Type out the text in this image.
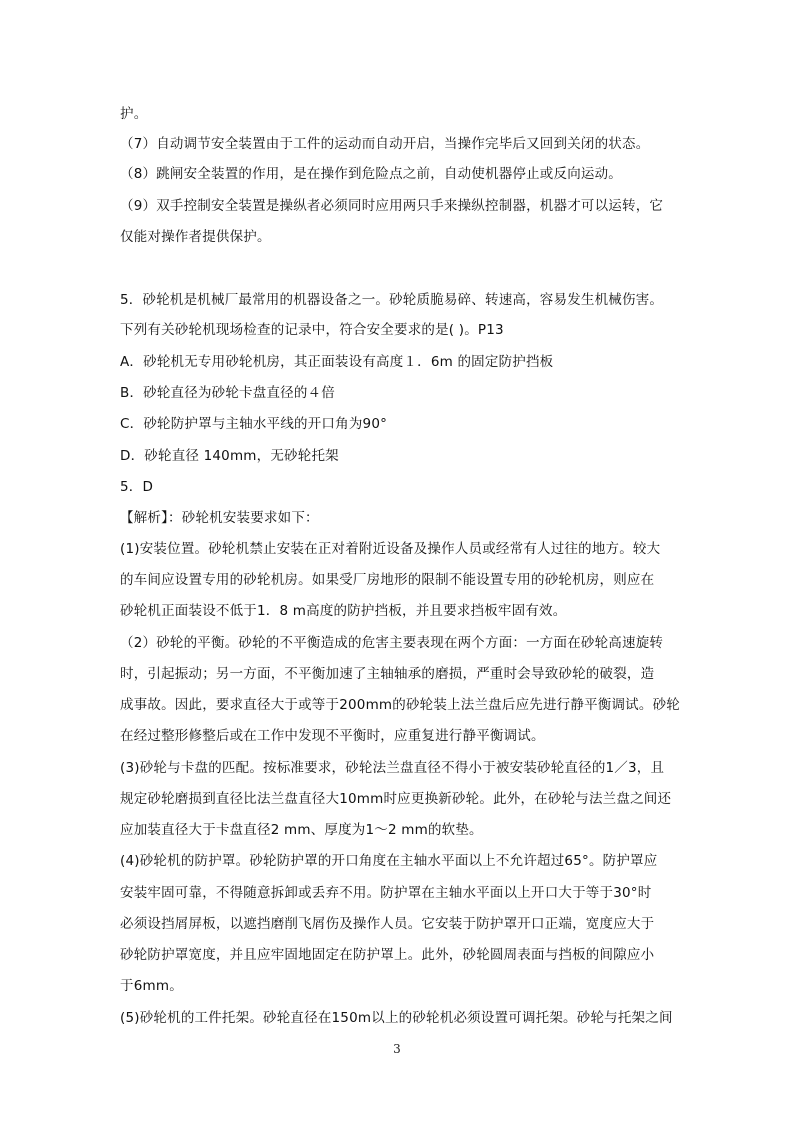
护。
（7）自动调节安全装置由于工件的运动而自动开启，当操作完毕后又回到关闭的状态。
（8）跳闸安全装置的作用，是在操作到危险点之前，自动使机器停止或反向运动。
（9）双手控制安全装置是操纵者必须同时应用两只手来操纵控制器，机器才可以运转，它
仅能对操作者提供保护。
5．砂轮机是机械厂最常用的机器设备之一。砂轮质脆易碎、转速高，容易发生机械伤害。
下列有关砂轮机现场检查的记录中，符合安全要求的是( )。P13
A．砂轮机无专用砂轮机房，其正面装设有高度１．6m 的固定防护挡板
B．砂轮直径为砂轮卡盘直径的４倍
C．砂轮防护罩与主轴水平线的开口角为90°
D．砂轮直径 140mm，无砂轮托架
5．D
【解析】：砂轮机安装要求如下：
(1)安装位置。砂轮机禁止安装在正对着附近设备及操作人员或经常有人过往的地方。较大
的车间应设置专用的砂轮机房。如果受厂房地形的限制不能设置专用的砂轮机房，则应在
砂轮机正面装设不低于1．8 m高度的防护挡板，并且要求挡板牢固有效。
（2）砂轮的平衡。砂轮的不平衡造成的危害主要表现在两个方面：一方面在砂轮高速旋转
时，引起振动；另一方面，不平衡加速了主轴轴承的磨损，严重时会导致砂轮的破裂，造
成事故。因此，要求直径大于或等于200mm的砂轮装上法兰盘后应先进行静平衡调试。砂轮
在经过整形修整后或在工作中发现不平衡时，应重复进行静平衡调试。
(3)砂轮与卡盘的匹配。按标准要求，砂轮法兰盘直径不得小于被安装砂轮直径的1／3，且
规定砂轮磨损到直径比法兰盘直径大10mm时应更换新砂轮。此外，在砂轮与法兰盘之间还
应加装直径大于卡盘直径2 mm、厚度为1～2 mm的软垫。
(4)砂轮机的防护罩。砂轮防护罩的开口角度在主轴水平面以上不允许超过65°。防护罩应
安装牢固可靠，不得随意拆卸或丢弃不用。防护罩在主轴水平面以上开口大于等于30°时
必须设挡屑屏板，以遮挡磨削飞屑伤及操作人员。它安装于防护罩开口正端，宽度应大于
砂轮防护罩宽度，并且应牢固地固定在防护罩上。此外，砂轮圆周表面与挡板的间隙应小
于6mm。
(5)砂轮机的工件托架。砂轮直径在150m以上的砂轮机必须设置可调托架。砂轮与托架之间
3
